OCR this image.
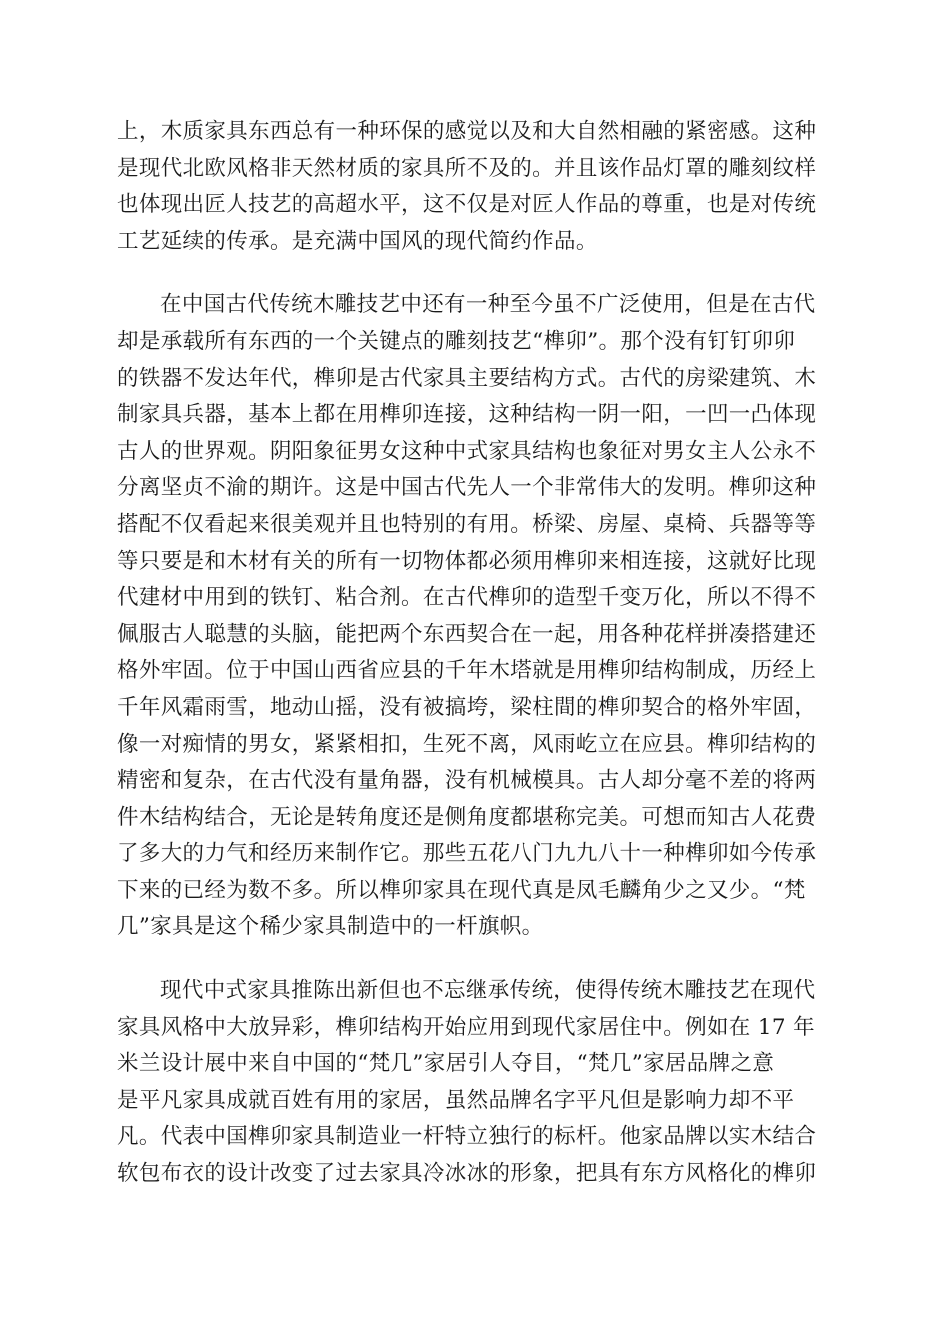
上，木质家具东西总有一种环保的感觉以及和大自然相融的紧密感。这种
是现代北欧风格非天然材质的家具所不及的。并且该作品灯罩的雕刻纹样
也体现出匠人技艺的高超水平，这不仅是对匠人作品的尊重，也是对传统
工艺延续的传承。是充满中国风的现代简约作品。
在中国古代传统木雕技艺中还有一种至今虽不广泛使用，但是在古代
却是承载所有东西的一个关键点的雕刻技艺“榫卯”。那个没有钉钉卯卯
的铁器不发达年代，榫卯是古代家具主要结构方式。古代的房梁建筑、木
制家具兵器，基本上都在用榫卯连接，这种结构一阴一阳，一凹一凸体现
古人的世界观。阴阳象征男女这种中式家具结构也象征对男女主人公永不
分离坚贞不渝的期许。这是中国古代先人一个非常伟大的发明。榫卯这种
搭配不仅看起来很美观并且也特别的有用。桥梁、房屋、桌椅、兵器等等
等只要是和木材有关的所有一切物体都必须用榫卯来相连接，这就好比现
代建材中用到的铁钉、粘合剂。在古代榫卯的造型千变万化，所以不得不
佩服古人聪慧的头脑，能把两个东西契合在一起，用各种花样拼凑搭建还
格外牢固。位于中国山西省应县的千年木塔就是用榫卯结构制成，历经上
千年风霜雨雪，地动山摇，没有被搞垮，梁柱間的榫卯契合的格外牢固，
像一对痴情的男女，紧紧相扣，生死不离，风雨屹立在应县。榫卯结构的
精密和复杂，在古代没有量角器，没有机械模具。古人却分毫不差的将两
件木结构结合，无论是转角度还是侧角度都堪称完美。可想而知古人花费
了多大的力气和经历来制作它。那些五花八门九九八十一种榫卯如今传承
下来的已经为数不多。所以榫卯家具在现代真是凤毛麟角少之又少。“梵
几”家具是这个稀少家具制造中的一杆旗帜。
现代中式家具推陈出新但也不忘继承传统，使得传统木雕技艺在现代
家具风格中大放异彩，榫卯结构开始应用到现代家居住中。例如在 17 年
米兰设计展中来自中国的“梵几”家居引人夺目，“梵几”家居品牌之意
是平凡家具成就百姓有用的家居，虽然品牌名字平凡但是影响力却不平
凡。代表中国榫卯家具制造业一杆特立独行的标杆。他家品牌以实木结合
软包布衣的设计改变了过去家具冷冰冰的形象，把具有东方风格化的榫卯
